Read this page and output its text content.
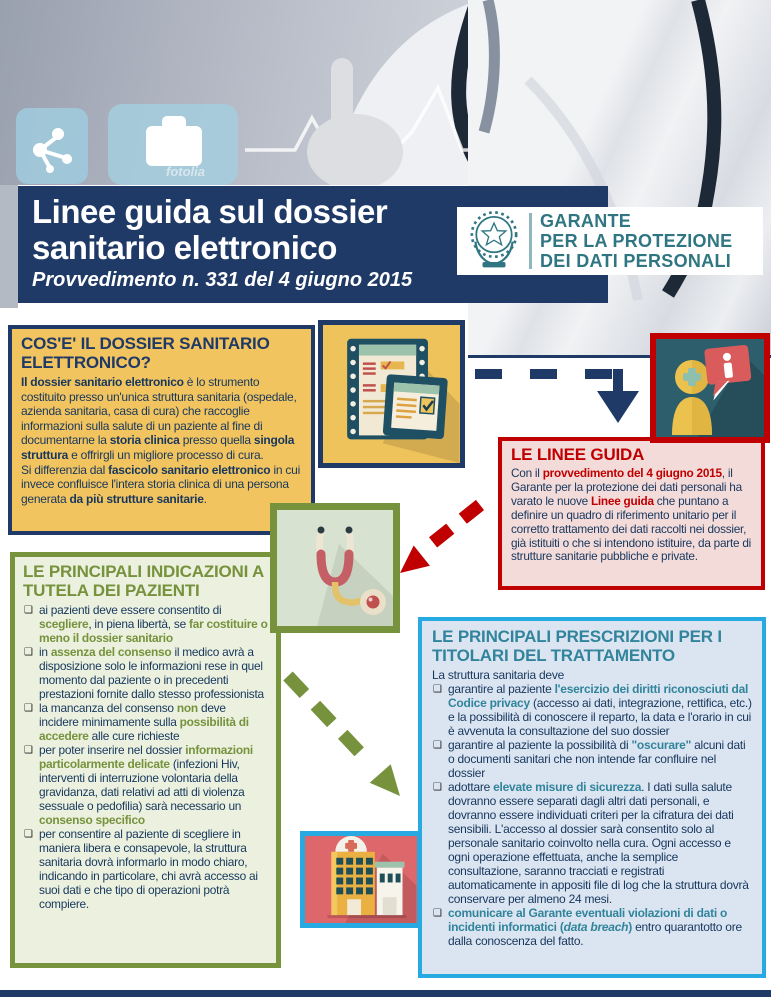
fotolia
Linee guida sul dossier
sanitario elettronico
Provvedimento n. 331 del 4 giugno 2015
GARANTE
PER LA PROTEZIONE
DEI DATI PERSONALI
COS'E' IL DOSSIER SANITARIO ELETTRONICO?

Il dossier sanitario elettronico è lo strumento costituito presso un'unica struttura sanitaria (ospedale, azienda sanitaria, casa di cura) che raccoglie informazioni sulla salute di un paziente al fine di documentarne la storia clinica presso quella singola struttura e offrirgli un migliore processo di cura.

Si differenzia dal fascicolo sanitario elettronico in cui invece confluisce l'intera storia clinica di una persona generata da più strutture sanitarie.

LE LINEE GUIDA

Con il provvedimento del 4 giugno 2015, il Garante per la protezione dei dati personali ha varato le nuove Linee guida che puntano a definire un quadro di riferimento unitario per il corretto trattamento dei dati raccolti nei dossier, già istituiti o che si intendono istituire, da parte di strutture sanitarie pubbliche e private.

LE PRINCIPALI INDICAZIONI A TUTELA DEI PAZIENTI
❑ ai pazienti deve essere consentito di scegliere, in piena libertà, se far costituire o meno il dossier sanitario
❑ in assenza del consenso il medico avrà a disposizione solo le informazioni rese in quel momento dal paziente o in precedenti prestazioni fornite dallo stesso professionista
❑ la mancanza del consenso non deve incidere minimamente sulla possibilità di accedere alle cure richieste
❑ per poter inserire nel dossier informazioni particolarmente delicate (infezioni Hiv, interventi di interruzione volontaria della gravidanza, dati relativi ad atti di violenza sessuale o pedofilia) sarà necessario un consenso specifico
❑ per consentire al paziente di scegliere in maniera libera e consapevole, la struttura sanitaria dovrà informarlo in modo chiaro, indicando in particolare, chi avrà accesso ai suoi dati e che tipo di operazioni potrà compiere.
LE PRINCIPALI PRESCRIZIONI PER I TITOLARI DEL TRATTAMENTO

La struttura sanitaria deve

❑ garantire al paziente l'esercizio dei diritti riconosciuti dal Codice privacy (accesso ai dati, integrazione, rettifica, etc.) e la possibilità di conoscere il reparto, la data e l'orario in cui è avvenuta la consultazione del suo dossier
❑ garantire al paziente la possibilità di "oscurare" alcuni dati o documenti sanitari che non intende far confluire nel dossier
❑ adottare elevate misure di sicurezza. I dati sulla salute dovranno essere separati dagli altri dati personali, e dovranno essere individuati criteri per la cifratura dei dati sensibili. L'accesso al dossier sarà consentito solo al personale sanitario coinvolto nella cura. Ogni accesso e ogni operazione effettuata, anche la semplice consultazione, saranno tracciati e registrati automaticamente in appositi file di log che la struttura dovrà conservare per almeno 24 mesi.
❑ comunicare al Garante eventuali violazioni di dati o incidenti informatici (data breach) entro quarantotto ore dalla conoscenza del fatto.
